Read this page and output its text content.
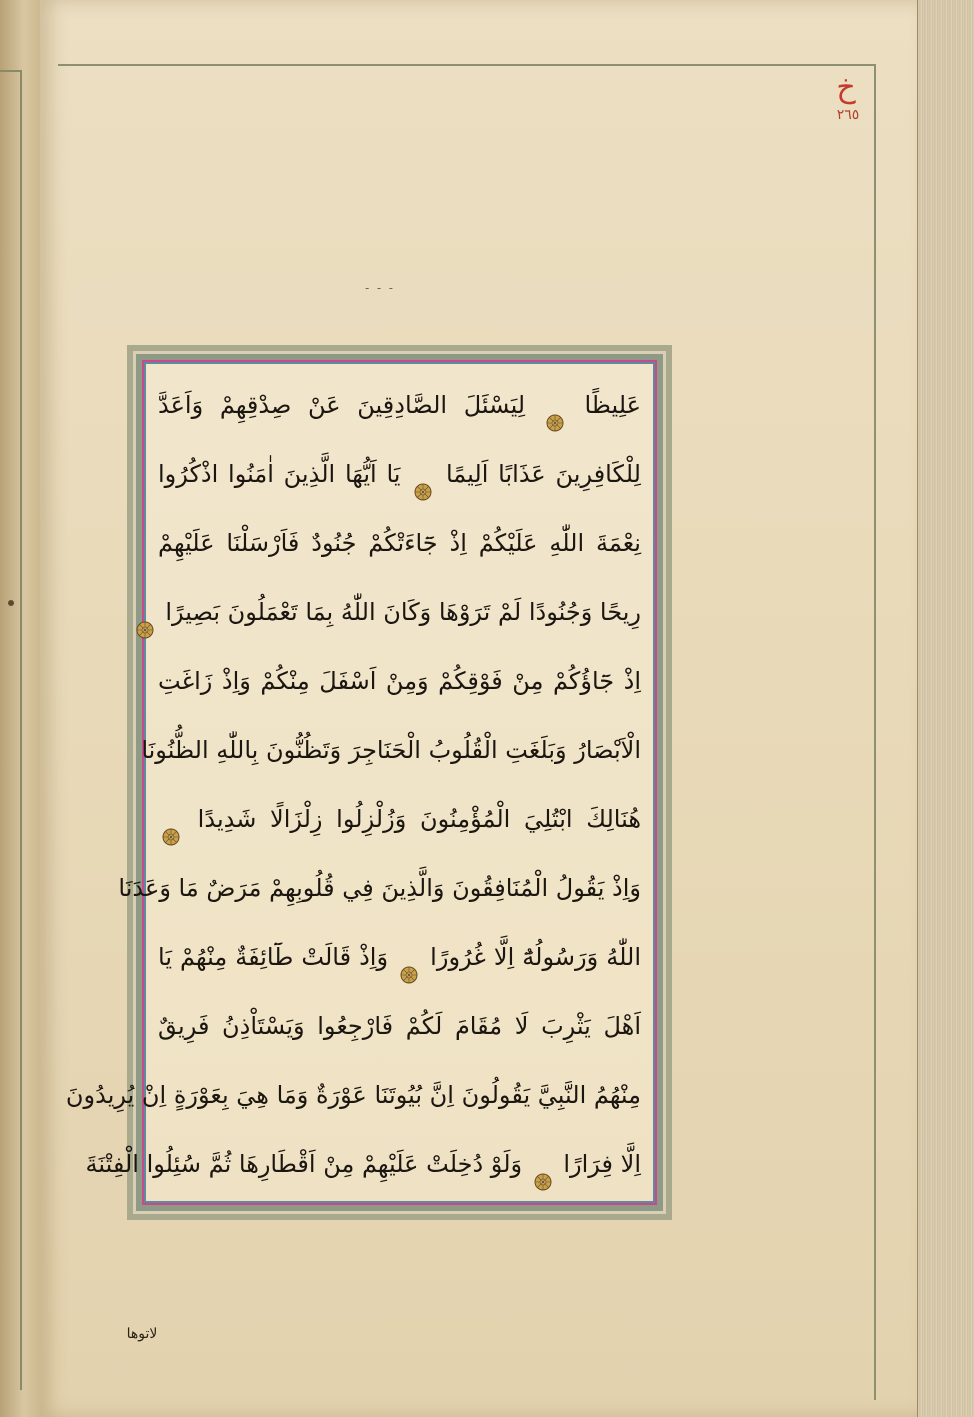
خ
٢٦٥
- - -
عَلِيظًا  لِيَسْئَلَ الصَّادِقِينَ عَنْ صِدْقِهِمْ وَاَعَدَّ
لِلْكَافِرِينَ عَذَابًا اَلِيمًا  يَا اَيُّهَا الَّذِينَ اٰمَنُوا اذْكُرُوا
نِعْمَةَ اللّٰهِ عَلَيْكُمْ اِذْ جَٓاءَتْكُمْ جُنُودٌ فَاَرْسَلْنَا عَلَيْهِمْ
رِيحًا وَجُنُودًا لَمْ تَرَوْهَا وَكَانَ اللّٰهُ بِمَا تَعْمَلُونَ بَصِيرًا
اِذْ جَٓاؤُكُمْ مِنْ فَوْقِكُمْ وَمِنْ اَسْفَلَ مِنْكُمْ وَاِذْ زَاغَتِ
الْاَبْصَارُ وَبَلَغَتِ الْقُلُوبُ الْحَنَاجِرَ وَتَظُنُّونَ بِاللّٰهِ الظُّنُونَا
هُنَالِكَ ابْتُلِيَ الْمُؤْمِنُونَ وَزُلْزِلُوا زِلْزَالًا شَدِيدًا
وَاِذْ يَقُولُ الْمُنَافِقُونَ وَالَّذِينَ فِي قُلُوبِهِمْ مَرَضٌ مَا وَعَدَنَا
اللّٰهُ وَرَسُولُهُٓ اِلَّا غُرُورًا  وَاِذْ قَالَتْ طَٓائِفَةٌ مِنْهُمْ يَا
اَهْلَ يَثْرِبَ لَا مُقَامَ لَكُمْ فَارْجِعُوا وَيَسْتَاْذِنُ فَرِيقٌ
مِنْهُمُ النَّبِيَّ يَقُولُونَ اِنَّ بُيُوتَنَا عَوْرَةٌ وَمَا هِيَ بِعَوْرَةٍ اِنْ يُرِيدُونَ
اِلَّا فِرَارًا  وَلَوْ دُخِلَتْ عَلَيْهِمْ مِنْ اَقْطَارِهَا ثُمَّ سُئِلُوا الْفِتْنَةَ
لاتوها
